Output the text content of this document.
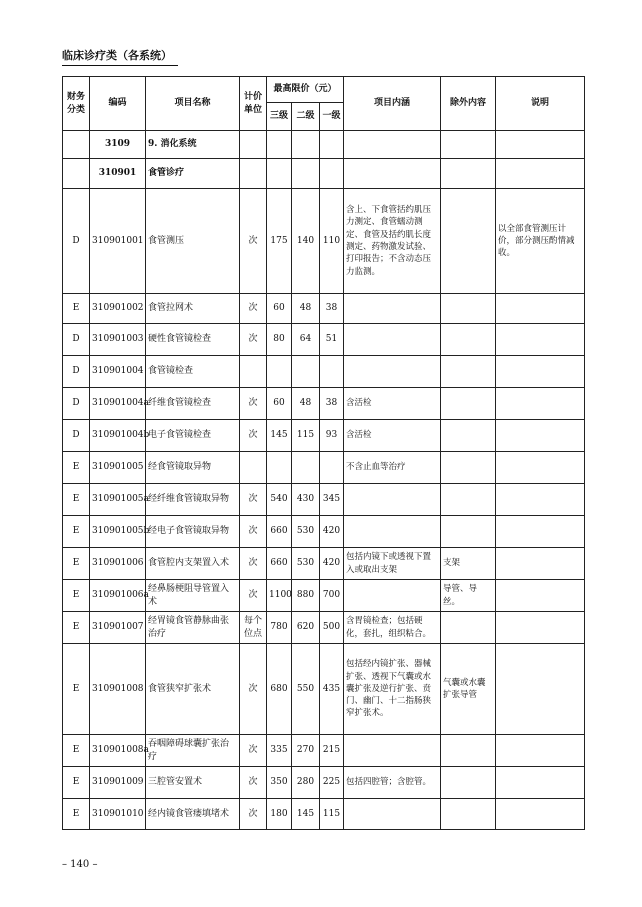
临床诊疗类（各系统）
财务分类	编码	项目名称	计价单位	最高限价（元）			项目内涵	除外内容	说明
				三级	二级	一级			
	3109	9. 消化系统							
	310901	食管诊疗							
D	310901001	食管测压	次	175	140	110	含上、下食管括约肌压力测定、食管蠕动测定、食管及括约肌长度测定、药物激发试验、打印报告；不含动态压力监测。		以全部食管测压计价，部分测压酌情减收。
E	310901002	食管拉网术	次	60	48	38			
D	310901003	硬性食管镜检查	次	80	64	51			
D	310901004	食管镜检查							
D	310901004a	纤维食管镜检查	次	60	48	38	含活检		
D	310901004b	电子食管镜检查	次	145	115	93	含活检		
E	310901005	经食管镜取异物					不含止血等治疗		
E	310901005a	经纤维食管镜取异物	次	540	430	345			
E	310901005b	经电子食管镜取异物	次	660	530	420			
E	310901006	食管腔内支架置入术	次	660	530	420	包括内镜下或透视下置入或取出支架	支架	
E	310901006a	经鼻肠梗阻导管置入术	次	1100	880	700		导管、导丝。	
E	310901007	经胃镜食管静脉曲张治疗	每个位点	780	620	500	含胃镜检查；包括硬化，套扎，组织粘合。		
E	310901008	食管狭窄扩张术	次	680	550	435	包括经内镜扩张、器械扩张、透视下气囊或水囊扩张及逆行扩张、贲门、幽门、十二指肠狭窄扩张术。	气囊或水囊扩张导管	
E	310901008a	吞咽障碍球囊扩张治疗	次	335	270	215			
E	310901009	三腔管安置术	次	350	280	225	包括四腔管；含腔管。		
E	310901010	经内镜食管瘘填堵术	次	180	145	115			
– 140 –
